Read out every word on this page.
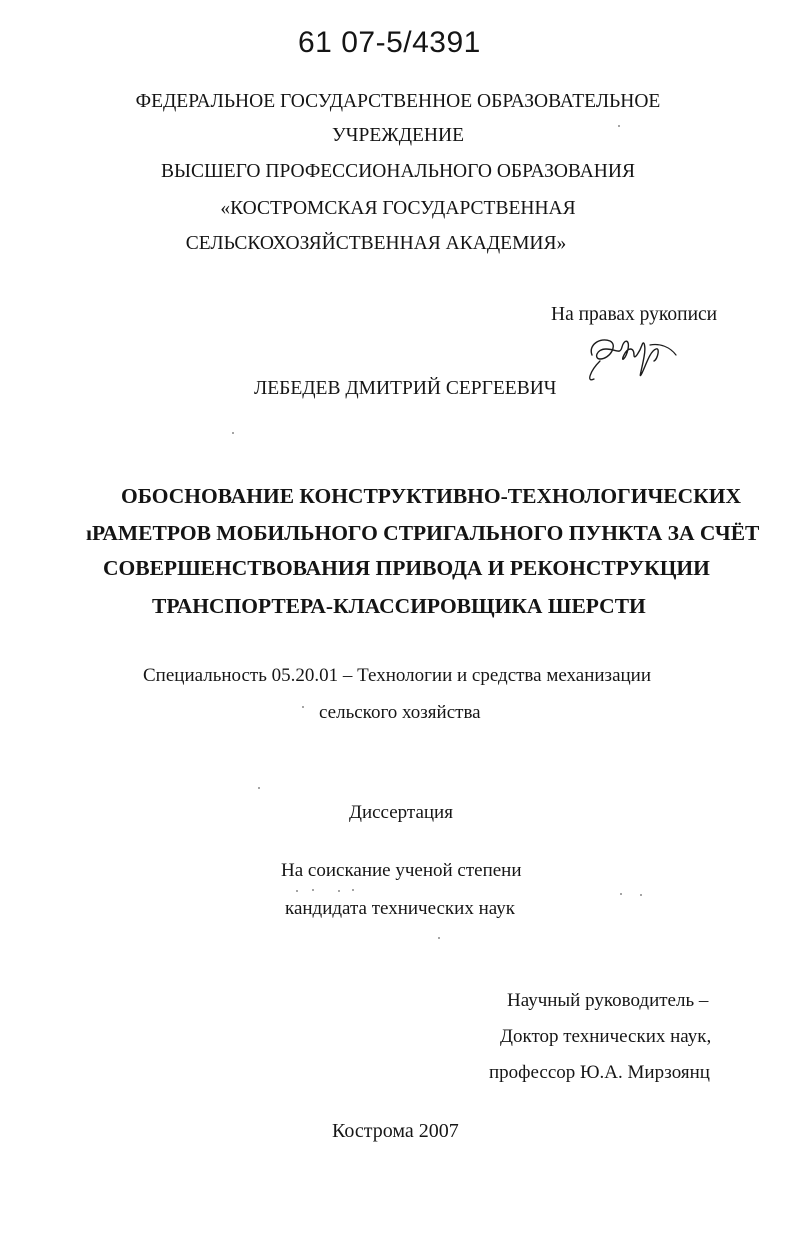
61 07-5/4391
ФЕДЕРАЛЬНОЕ ГОСУДАРСТВЕННОЕ ОБРАЗОВАТЕЛЬНОЕ
УЧРЕЖДЕНИЕ
ВЫСШЕГО ПРОФЕССИОНАЛЬНОГО ОБРАЗОВАНИЯ
«КОСТРОМСКАЯ ГОСУДАРСТВЕННАЯ
СЕЛЬСКОХОЗЯЙСТВЕННАЯ АКАДЕМИЯ»
На правах рукописи
ЛЕБЕДЕВ ДМИТРИЙ СЕРГЕЕВИЧ
ОБОСНОВАНИЕ КОНСТРУКТИВНО-ТЕХНОЛОГИЧЕСКИХ
ıРАМЕТРОВ МОБИЛЬНОГО СТРИГАЛЬНОГО ПУНКТА ЗА СЧЁТ
СОВЕРШЕНСТВОВАНИЯ ПРИВОДА И РЕКОНСТРУКЦИИ
ТРАНСПОРТЕРА-КЛАССИРОВЩИКА ШЕРСТИ
Специальность 05.20.01 – Технологии и средства механизации
сельского хозяйства
Диссертация
На соискание ученой степени
кандидата технических наук
Научный руководитель –
Доктор технических наук,
профессор Ю.А. Мирзоянц
Кострома 2007
